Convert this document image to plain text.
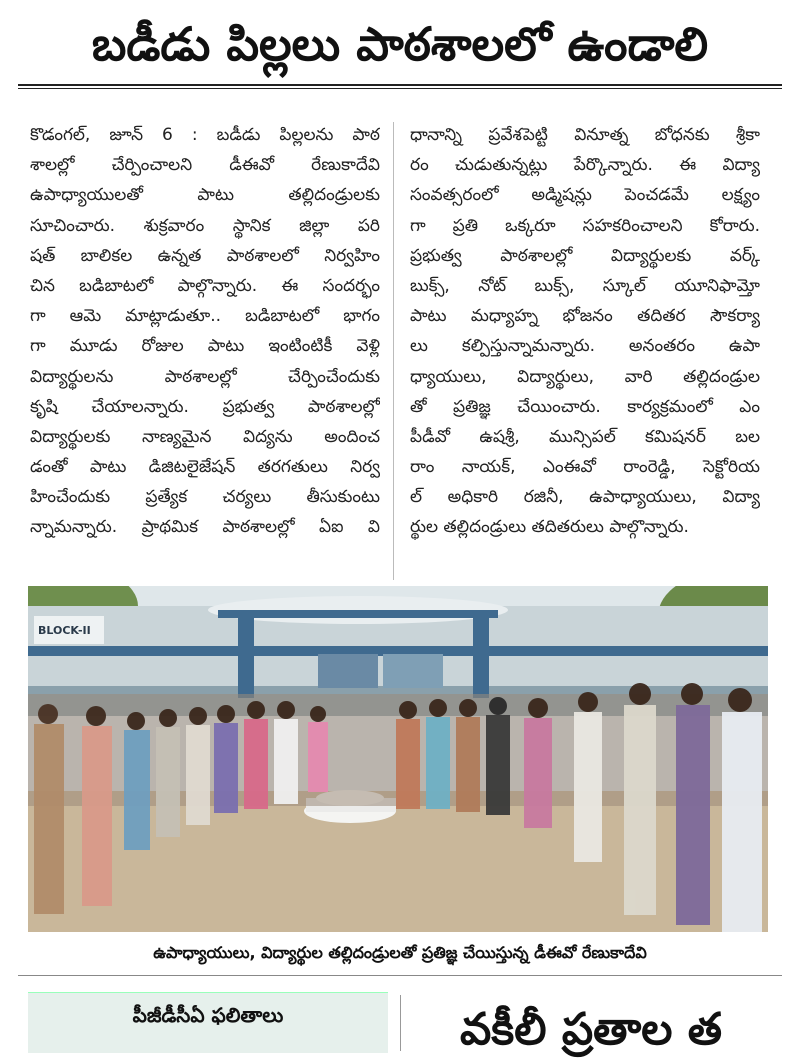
బడీడు పిల్లలు పాఠశాలలో ఉండాలి
కొడంగల్, జూన్ 6 : బడీడు పిల్లలను పాఠ
శాలల్లో చేర్పించాలని డీఈవో రేణుకాదేవి
ఉపాధ్యాయులతో పాటు తల్లిదండ్రులకు
సూచించారు. శుక్రవారం స్థానిక జిల్లా పరి
షత్ బాలికల ఉన్నత పాఠశాలలో నిర్వహిం
చిన బడిబాటలో పాల్గొన్నారు. ఈ సందర్భం
గా ఆమె మాట్లాడుతూ.. బడిబాటలో భాగం
గా మూడు రోజుల పాటు ఇంటింటికీ వెళ్లి
విద్యార్థులను పాఠశాలల్లో చేర్పించేందుకు
కృషి చేయాలన్నారు. ప్రభుత్వ పాఠశాలల్లో
విద్యార్థులకు నాణ్యమైన విద్యను అందించ
డంతో పాటు డిజిటలైజేషన్ తరగతులు నిర్వ
హించేందుకు ప్రత్యేక చర్యలు తీసుకుంటు
న్నామన్నారు. ప్రాథమిక పాఠశాలల్లో ఏఐ వి
ధానాన్ని ప్రవేశపెట్టి వినూత్న బోధనకు శ్రీకా
రం చుడుతున్నట్లు పేర్కొన్నారు. ఈ విద్యా
సంవత్సరంలో అడ్మిషన్లు పెంచడమే లక్ష్యం
గా ప్రతి ఒక్కరూ సహకరించాలని కోరారు.
ప్రభుత్వ పాఠశాలల్లో విద్యార్థులకు వర్క్
బుక్స్, నోట్ బుక్స్, స్కూల్ యూనిఫామ్తో
పాటు మధ్యాహ్న భోజనం తదితర సౌకర్యా
లు కల్పిస్తున్నామన్నారు. అనంతరం ఉపా
ధ్యాయులు, విద్యార్థులు, వారి తల్లిదండ్రుల
తో ప్రతిజ్ఞ చేయించారు. కార్యక్రమంలో ఎం
పీడీవో ఉషశ్రీ, మున్సిపల్ కమిషనర్ బల
రాం నాయక్, ఎంఈవో రాంరెడ్డి, సెక్టోరియ
ల్ అధికారి రజినీ, ఉపాధ్యాయులు, విద్యా
ర్థుల తల్లిదండ్రులు తదితరులు పాల్గొన్నారు.
BLOCK-II
ఉపాధ్యాయులు, విద్యార్థుల తల్లిదండ్రులతో ప్రతిజ్ఞ చేయిస్తున్న డీఈవో రేణుకాదేవి
పీజీడీసీఏ ఫలితాలు	వకీలీ ప్రతాల త
